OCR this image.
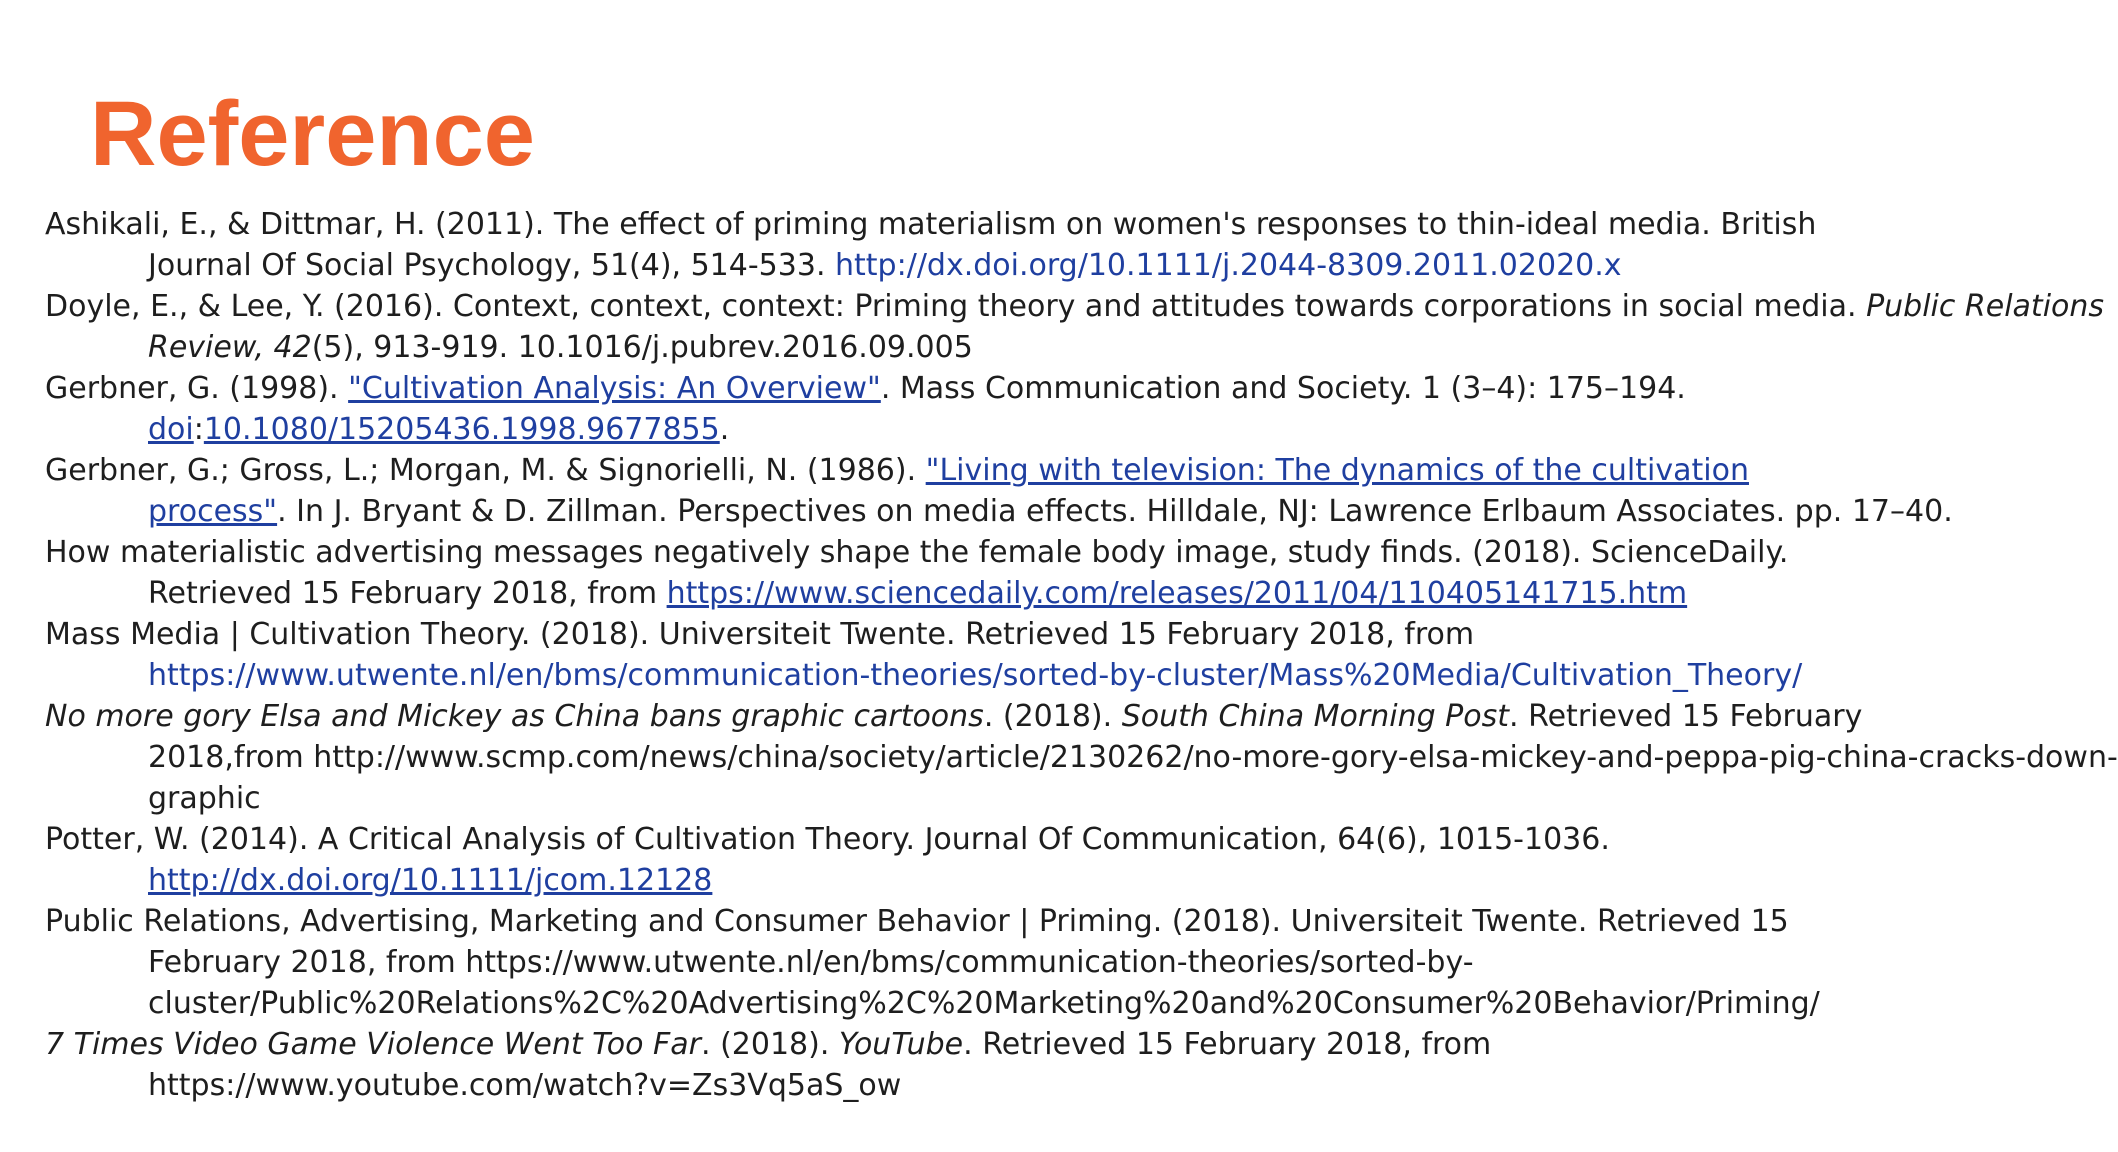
Reference

Ashikali, E., & Dittmar, H. (2011). The effect of priming materialism on women's responses to thin-ideal media. British
Journal Of Social Psychology, 51(4), 514-533. http://dx.doi.org/10.1111/j.2044-8309.2011.02020.x

Doyle, E., & Lee, Y. (2016). Context, context, context: Priming theory and attitudes towards corporations in social media. Public Relations
Review, 42(5), 913-919. 10.1016/j.pubrev.2016.09.005

Gerbner, G. (1998). "Cultivation Analysis: An Overview". Mass Communication and Society. 1 (3–4): 175–194.
doi:10.1080/15205436.1998.9677855.

Gerbner, G.; Gross, L.; Morgan, M. & Signorielli, N. (1986). "Living with television: The dynamics of the cultivation
process". In J. Bryant & D. Zillman. Perspectives on media effects. Hilldale, NJ: Lawrence Erlbaum Associates. pp. 17–40.

How materialistic advertising messages negatively shape the female body image, study finds. (2018). ScienceDaily.
Retrieved 15 February 2018, from https://www.sciencedaily.com/releases/2011/04/110405141715.htm

Mass Media | Cultivation Theory. (2018). Universiteit Twente. Retrieved 15 February 2018, from
https://www.utwente.nl/en/bms/communication-theories/sorted-by-cluster/Mass%20Media/Cultivation_Theory/

No more gory Elsa and Mickey as China bans graphic cartoons. (2018). South China Morning Post. Retrieved 15 February
2018,from http://www.scmp.com/news/china/society/article/2130262/no-more-gory-elsa-mickey-and-peppa-pig-china-cracks-down-
graphic

Potter, W. (2014). A Critical Analysis of Cultivation Theory. Journal Of Communication, 64(6), 1015-1036.
http://dx.doi.org/10.1111/jcom.12128

Public Relations, Advertising, Marketing and Consumer Behavior | Priming. (2018). Universiteit Twente. Retrieved 15
February 2018, from https://www.utwente.nl/en/bms/communication-theories/sorted-by-
cluster/Public%20Relations%2C%20Advertising%2C%20Marketing%20and%20Consumer%20Behavior/Priming/

7 Times Video Game Violence Went Too Far. (2018). YouTube. Retrieved 15 February 2018, from
https://www.youtube.com/watch?v=Zs3Vq5aS_ow
